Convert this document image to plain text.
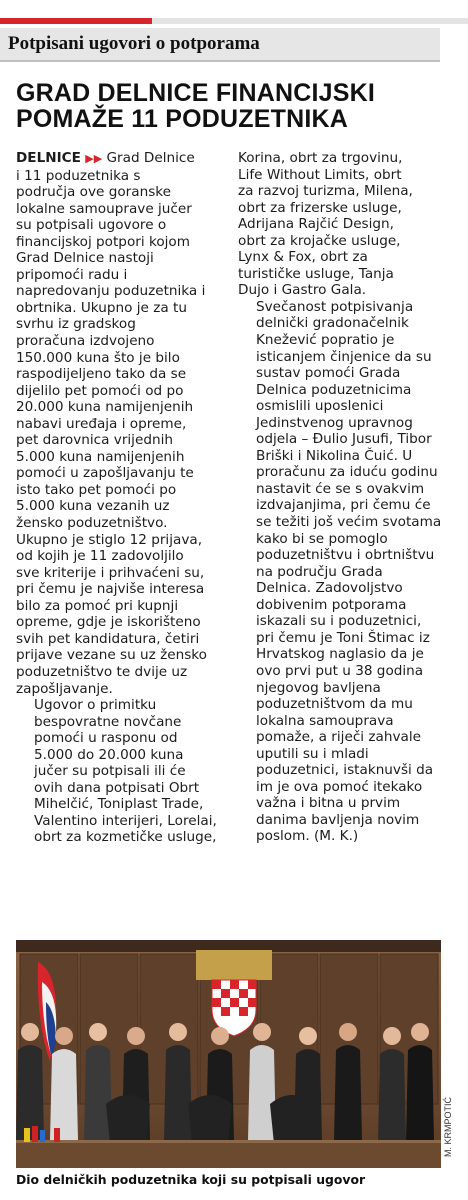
Potpisani ugovori o potporama
GRAD DELNICE FINANCIJSKI
POMAŽE 11 PODUZETNIKA
DELNICE ▶▶ Grad Delnice
i 11 poduzetnika s
područja ove goranske
lokalne samouprave jučer
su potpisali ugovore o
financijskoj potpori kojom
Grad Delnice nastoji
pripomoći radu i
napredovanju poduzetnika i
obrtnika. Ukupno je za tu
svrhu iz gradskog
proračuna izdvojeno
150.000 kuna što je bilo
raspodijeljeno tako da se
dijelilo pet pomoći od po
20.000 kuna namijenjenih
nabavi uređaja i opreme,
pet darovnica vrijednih
5.000 kuna namijenjenih
pomoći u zapošljavanju te
isto tako pet pomoći po
5.000 kuna vezanih uz
žensko poduzetništvo.
Ukupno je stiglo 12 prijava,
od kojih je 11 zadovoljilo
sve kriterije i prihvaćeni su,
pri čemu je najviše interesa
bilo za pomoć pri kupnji
opreme, gdje je iskorišteno
svih pet kandidatura, četiri
prijave vezane su uz žensko
poduzetništvo te dvije uz
zapošljavanje.
Ugovor o primitku
bespovratne novčane
pomoći u rasponu od
5.000 do 20.000 kuna
jučer su potpisali ili će
ovih dana potpisati Obrt
Mihelčić, Toniplast Trade,
Valentino interijeri, Lorelai,
obrt za kozmetičke usluge,
Korina, obrt za trgovinu,
Life Without Limits, obrt
za razvoj turizma, Milena,
obrt za frizerske usluge,
Adrijana Rajčić Design,
obrt za krojačke usluge,
Lynx & Fox, obrt za
turističke usluge, Tanja
Dujo i Gastro Gala.
Svečanost potpisivanja
delnički gradonačelnik
Knežević popratio je
isticanjem činjenice da su
sustav pomoći Grada
Delnica poduzetnicima
osmislili uposlenici
Jedinstvenog upravnog
odjela – Đulio Jusufi, Tibor
Briški i Nikolina Čuić. U
proračunu za iduću godinu
nastavit će se s ovakvim
izdvajanjima, pri čemu će
se težiti još većim svotama
kako bi se pomoglo
poduzetništvu i obrtništvu
na području Grada
Delnica. Zadovoljstvo
dobivenim potporama
iskazali su i poduzetnici,
pri čemu je Toni Štimac iz
Hrvatskog naglasio da je
ovo prvi put u 38 godina
njegovog bavljena
poduzetništvom da mu
lokalna samouprava
pomaže, a riječi zahvale
uputili su i mladi
poduzetnici, istaknuvši da
im je ova pomoć itekako
važna i bitna u prvim
danima bavljenja novim
poslom. (M. K.)
M. KRMPOTIĆ
Dio delničkih poduzetnika koji su potpisali ugovor
